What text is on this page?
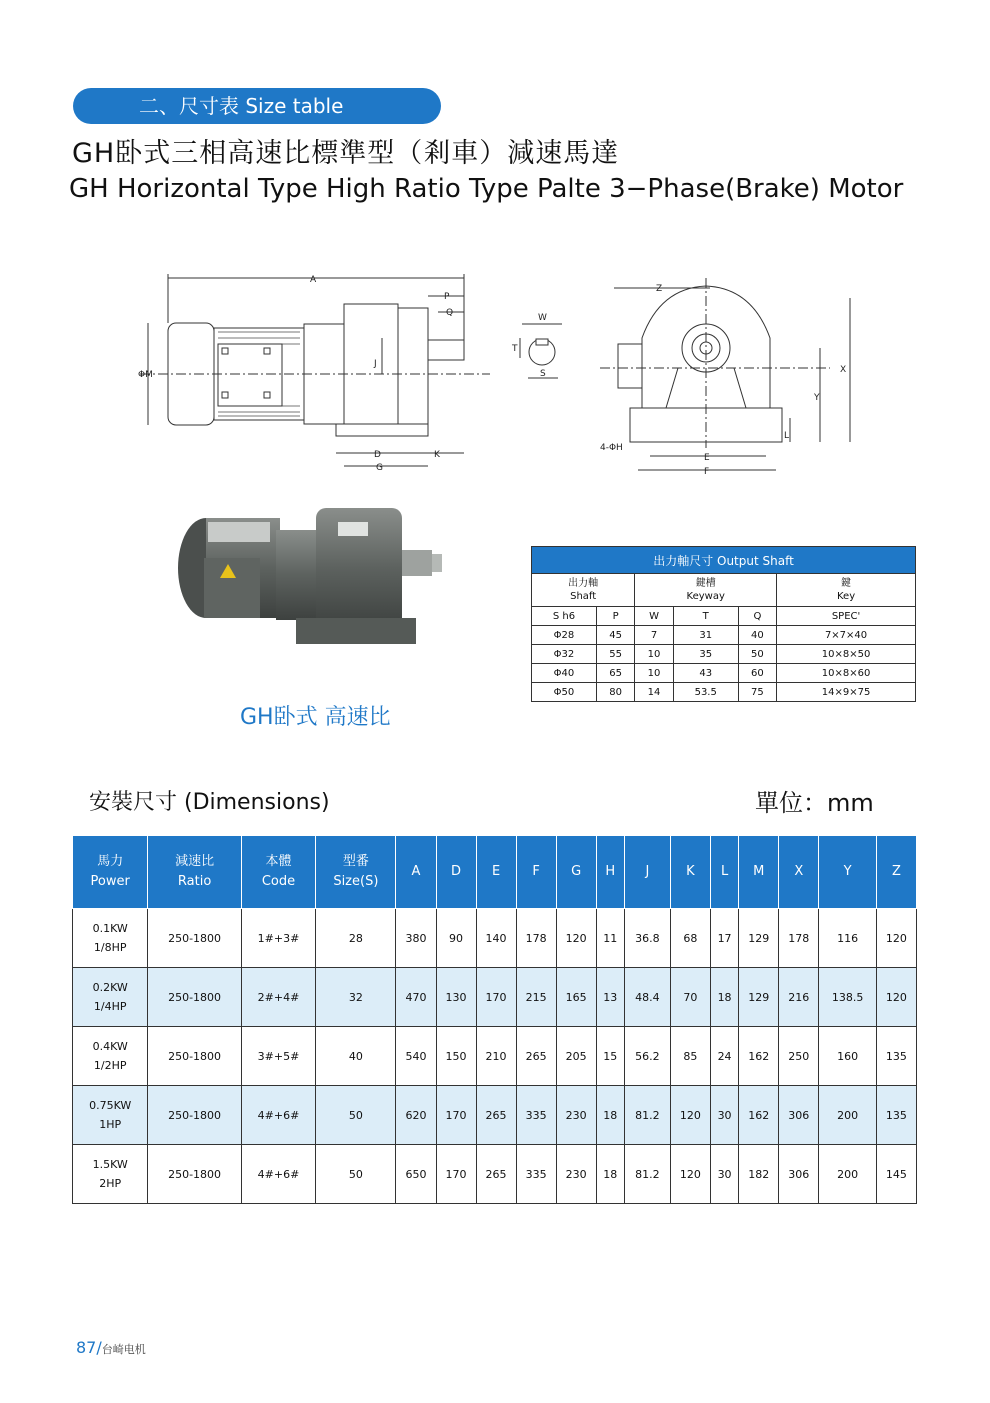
二、尺寸表 Size table
GH卧式三相高速比標準型（剎車）減速馬達
GH Horizontal Type High Ratio Type Palte 3−Phase(Brake) Motor
A
P
Q
ΦM
J
D
G
K
W
T
S
Z
X
Y
L
E
F
4-ΦH
GH卧式 高速比
出力軸尺寸 Output Shaft					
出力軸
Shaft		鍵槽
Keyway			鍵
Key
S h6	P	W	T	Q	SPEC'
Φ28	45	7	31	40	7×7×40
Φ32	55	10	35	50	10×8×50
Φ40	65	10	43	60	10×8×60
Φ50	80	14	53.5	75	14×9×75
安裝尺寸 (Dimensions)	單位：mm
馬力
Power	減速比
Ratio	本體
Code	型番
Size(S)	A	D	E	F	G	H	J	K	L	M	X	Y	Z
0.1KW
1/8HP	250-1800	1#+3#	28	380	90	140	178	120	11	36.8	68	17	129	178	116	120
0.2KW
1/4HP	250-1800	2#+4#	32	470	130	170	215	165	13	48.4	70	18	129	216	138.5	120
0.4KW
1/2HP	250-1800	3#+5#	40	540	150	210	265	205	15	56.2	85	24	162	250	160	135
0.75KW
1HP	250-1800	4#+6#	50	620	170	265	335	230	18	81.2	120	30	162	306	200	135
1.5KW
2HP	250-1800	4#+6#	50	650	170	265	335	230	18	81.2	120	30	182	306	200	145
87/台崎电机
